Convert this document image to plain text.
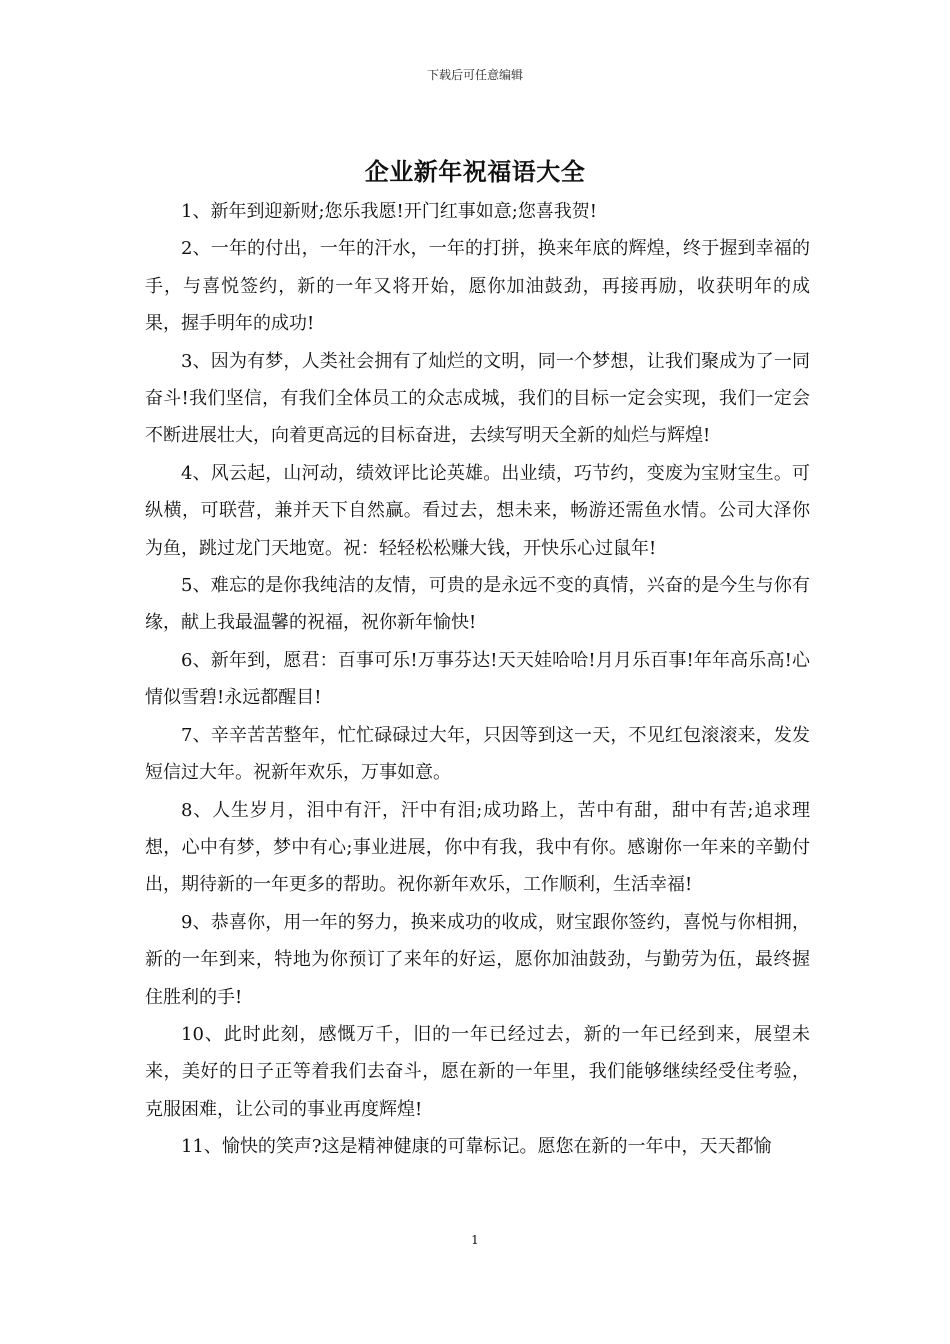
下载后可任意编辑
企业新年祝福语大全

1、新年到迎新财;您乐我愿!开门红事如意;您喜我贺!

2、一年的付出，一年的汗水，一年的打拼，换来年底的辉煌，终于握到幸福的手，与喜悦签约，新的一年又将开始，愿你加油鼓劲，再接再励，收获明年的成果，握手明年的成功!

3、因为有梦，人类社会拥有了灿烂的文明，同一个梦想，让我们聚成为了一同奋斗!我们坚信，有我们全体员工的众志成城，我们的目标一定会实现，我们一定会不断进展壮大，向着更高远的目标奋进，去续写明天全新的灿烂与辉煌!

4、风云起，山河动，绩效评比论英雄。出业绩，巧节约，变废为宝财宝生。可纵横，可联营，兼并天下自然赢。看过去，想未来，畅游还需鱼水情。公司大泽你为鱼，跳过龙门天地宽。祝：轻轻松松赚大钱，开快乐心过鼠年!

5、难忘的是你我纯洁的友情，可贵的是永远不变的真情，兴奋的是今生与你有缘，献上我最温馨的祝福，祝你新年愉快!

6、新年到，愿君：百事可乐!万事芬达!天天娃哈哈!月月乐百事!年年高乐高!心情似雪碧!永远都醒目!

7、辛辛苦苦整年，忙忙碌碌过大年，只因等到这一天，不见红包滚滚来，发发短信过大年。祝新年欢乐，万事如意。

8、人生岁月，泪中有汗，汗中有泪;成功路上，苦中有甜，甜中有苦;追求理想，心中有梦，梦中有心;事业进展，你中有我，我中有你。感谢你一年来的辛勤付出，期待新的一年更多的帮助。祝你新年欢乐，工作顺利，生活幸福!

9、恭喜你，用一年的努力，换来成功的收成，财宝跟你签约，喜悦与你相拥，新的一年到来，特地为你预订了来年的好运，愿你加油鼓劲，与勤劳为伍，最终握住胜利的手!

10、此时此刻，感慨万千，旧的一年已经过去，新的一年已经到来，展望未来，美好的日子正等着我们去奋斗，愿在新的一年里，我们能够继续经受住考验，克服困难，让公司的事业再度辉煌!

11、愉快的笑声?这是精神健康的可靠标记。愿您在新的一年中，天天都愉

1
